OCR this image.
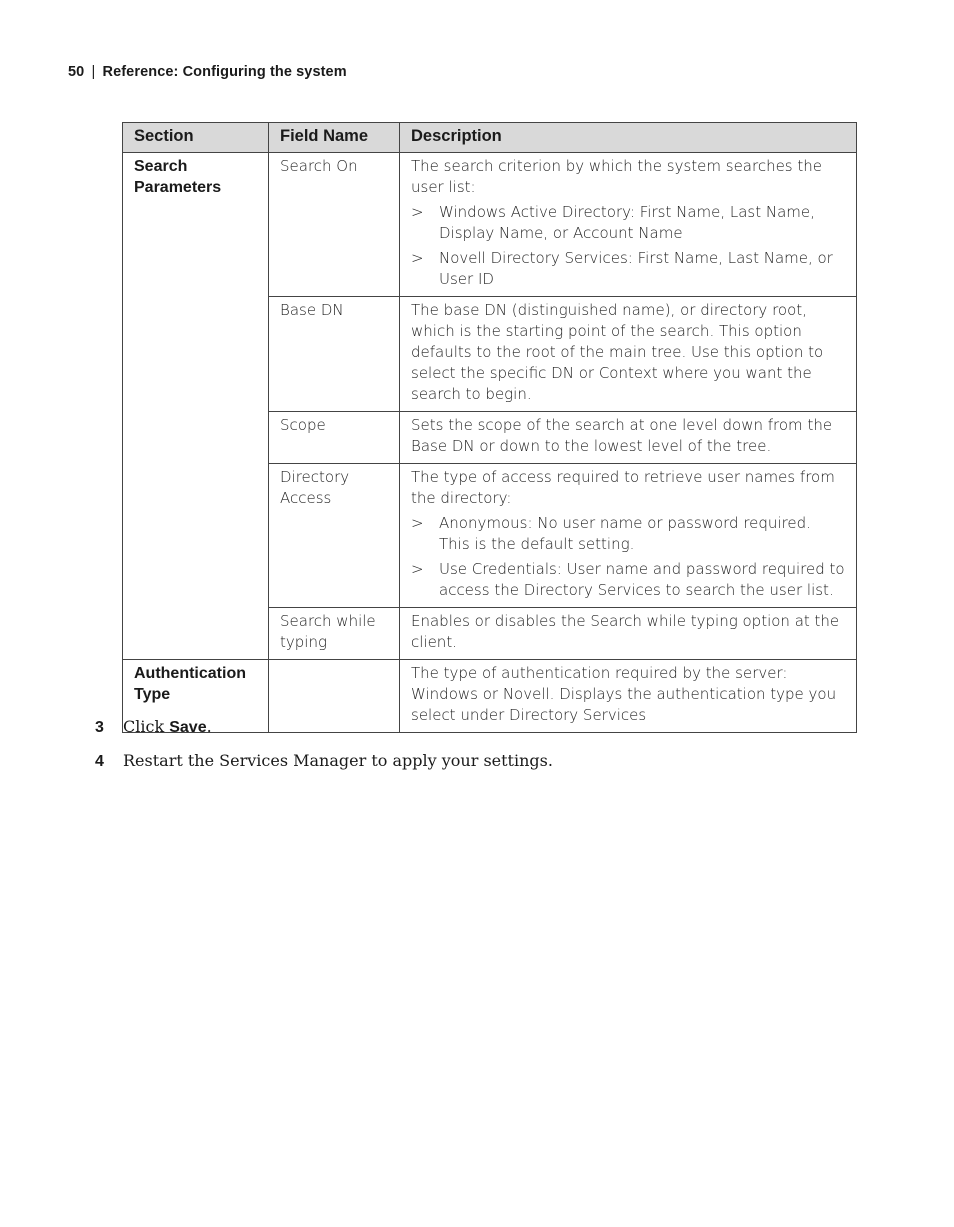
50 | Reference: Configuring the system
Section	Field Name	Description
Search Parameters	Search On	The search criterion by which the system searches the user list:

> Windows Active Directory: First Name, Last Name, Display Name, or Account Name
> Novell Directory Services: First Name, Last Name, or User ID

	Base DN	The base DN (distinguished name), or directory root, which is the starting point of the search. This option defaults to the root of the main tree. Use this option to select the specific DN or Context where you want the search to begin.

	Scope	Sets the scope of the search at one level down from the Base DN or down to the lowest level of the tree.

	Directory Access	The type of access required to retrieve user names from the directory:

> Anonymous: No user name or password required. This is the default setting.
> Use Credentials: User name and password required to access the Directory Services to search the user list.

	Search while typing	Enables or disables the Search while typing option at the client.

Authentication Type		The type of authentication required by the server: Windows or Novell. Displays the authentication type you select under Directory Services

3 Click Save.
4 Restart the Services Manager to apply your settings.
